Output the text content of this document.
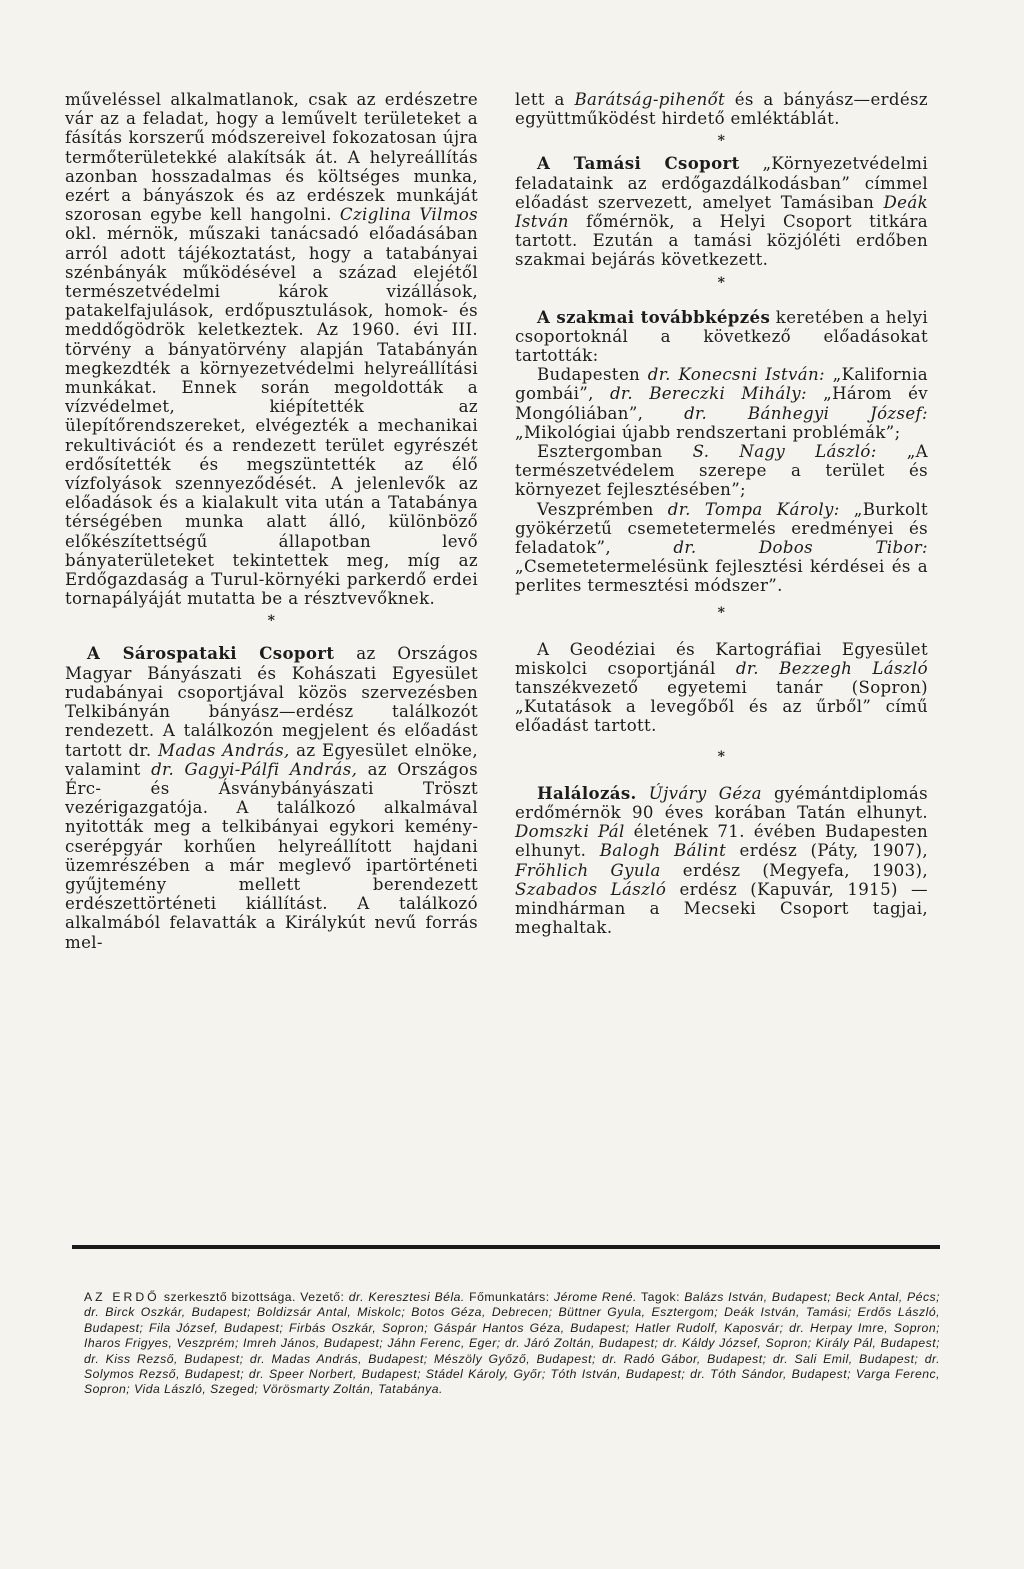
műveléssel alkalmatlanok, csak az erdészetre vár az a feladat, hogy a leművelt területeket a fásítás korszerű módszereivel fokozatosan újra termőterületekké alakítsák át. A helyreállítás azonban hosszadalmas és költséges munka, ezért a bányászok és az erdészek munkáját szorosan egybe kell hangolni. Cziglina Vilmos okl. mérnök, műszaki tanácsadó előadásában arról adott tájékoztatást, hogy a tatabányai szénbányák működésével a század elejétől természetvédelmi károk vizállások, patakelfajulások, erdőpusztulások, homok- és meddőgödrök keletkeztek. Az 1960. évi III. törvény a bányatörvény alapján Tatabányán megkezdték a környezetvédelmi helyreállítási munkákat. Ennek során megoldották a vízvédelmet, kiépítették az ülepítőrendszereket, elvégezték a mechanikai rekultivációt és a rendezett terület egyrészét erdősítették és megszüntették az élő vízfolyások szennyeződését. A jelenlevők az előadások és a kialakult vita után a Tatabánya térségében munka alatt álló, különböző előkészítettségű állapotban levő bányaterületeket tekintettek meg, míg az Erdőgazdaság a Turul-környéki parkerdő erdei tornapályáját mutatta be a résztvevőknek.

*

A Sárospataki Csoport az Országos Magyar Bányászati és Kohászati Egyesület rudabányai csoportjával közös szervezésben Telkibányán bányász—erdész találkozót rendezett. A találkozón megjelent és előadást tartott dr. Madas András, az Egyesület elnöke, valamint dr. Gagyi-Pálfi András, az Országos Érc- és Ásványbányászati Tröszt vezérigazgatója. A találkozó alkalmával nyitották meg a telkibányai egykori keménycserépgyár korhűen helyreállított hajdani üzemrészében a már meglevő ipartörténeti gyűjtemény mellett berendezett erdészettörténeti kiállítást. A találkozó alkalmából felavatták a Királykút nevű forrás mel-

lett a Barátság-pihenőt és a bányász—erdész együttműködést hirdető emléktáblát.

*

A Tamási Csoport „Környezetvédelmi feladataink az erdőgazdálkodásban” címmel előadást szervezett, amelyet Tamásiban Deák István főmérnök, a Helyi Csoport titkára tartott. Ezután a tamási közjóléti erdőben szakmai bejárás következett.

*

A szakmai továbbképzés keretében a helyi csoportoknál a következő előadásokat tartották:

Budapesten dr. Konecsni István: „Kalifornia gombái”, dr. Bereczki Mihály: „Három év Mongóliában”, dr. Bánhegyi József: „Mikológiai újabb rendszertani problémák”;

Esztergomban S. Nagy László: „A természetvédelem szerepe a terület és környezet fejlesztésében”;

Veszprémben dr. Tompa Károly: „Burkolt gyökérzetű csemetetermelés eredményei és feladatok”, dr. Dobos Tibor: „Csemetetermelésünk fejlesztési kérdései és a perlites termesztési módszer”.

*

A Geodéziai és Kartográfiai Egyesület miskolci csoportjánál dr. Bezzegh László tanszékvezető egyetemi tanár (Sopron) „Kutatások a levegőből és az űrből” című előadást tartott.

*

Halálozás. Újváry Géza gyémántdiplomás erdőmérnök 90 éves korában Tatán elhunyt. Domszki Pál életének 71. évében Budapesten elhunyt. Balogh Bálint erdész (Páty, 1907), Fröhlich Gyula erdész (Megyefa, 1903), Szabados László erdész (Kapuvár, 1915) — mindhárman a Mecseki Csoport tagjai, meghaltak.

AZ ERDŐ szerkesztő bizottsága. Vezető: dr. Keresztesi Béla. Főmunkatárs: Jérome René. Tagok: Balázs István, Budapest; Beck Antal, Pécs; dr. Birck Oszkár, Budapest; Boldizsár Antal, Miskolc; Botos Géza, Debrecen; Büttner Gyula, Esztergom; Deák István, Tamási; Erdős László, Budapest; Fila József, Budapest; Firbás Oszkár, Sopron; Gáspár Hantos Géza, Budapest; Hatler Rudolf, Kaposvár; dr. Herpay Imre, Sopron; Iharos Frigyes, Veszprém; Imreh János, Budapest; Jáhn Ferenc, Eger; dr. Járó Zoltán, Budapest; dr. Káldy József, Sopron; Király Pál, Budapest; dr. Kiss Rezső, Budapest; dr. Madas András, Budapest; Mészöly Győző, Budapest; dr. Radó Gábor, Budapest; dr. Sali Emil, Budapest; dr. Solymos Rezső, Budapest; dr. Speer Norbert, Budapest; Stádel Károly, Győr; Tóth István, Budapest; dr. Tóth Sándor, Budapest; Varga Ferenc, Sopron; Vida László, Szeged; Vörösmarty Zoltán, Tatabánya.
